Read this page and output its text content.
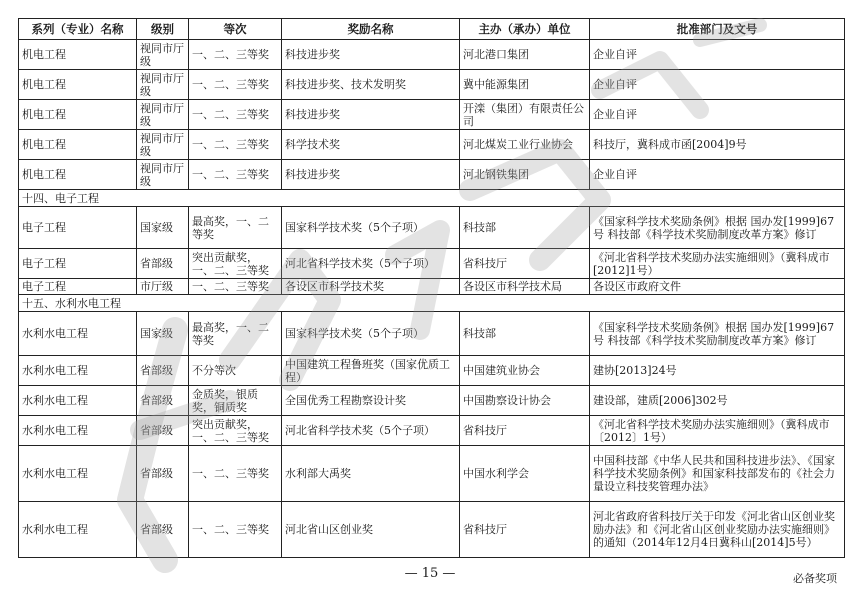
系列（专业）名称	级别	等次	奖励名称	主办（承办）单位	批准部门及文号
机电工程	视同市厅级	一、二、三等奖	科技进步奖	河北港口集团	企业自评
机电工程	视同市厅级	一、二、三等奖	科技进步奖、技术发明奖	冀中能源集团	企业自评
机电工程	视同市厅级	一、二、三等奖	科技进步奖	开滦（集团）有限责任公司	企业自评
机电工程	视同市厅级	一、二、三等奖	科学技术奖	河北煤炭工业行业协会	科技厅，冀科成市函[2004]9号
机电工程	视同市厅级	一、二、三等奖	科技进步奖	河北钢铁集团	企业自评
十四、电子工程					
电子工程	国家级	最高奖，一、二等奖	国家科学技术奖（5个子项）	科技部	《国家科学技术奖励条例》根据 国办发[1999]67号 科技部《科学技术奖励制度改革方案》修订
电子工程	省部级	突出贡献奖，一、二、三等奖	河北省科学技术奖（5个子项）	省科技厅	《河北省科学技术奖励办法实施细则》（冀科成市[2012]1号）
电子工程	市厅级	一、二、三等奖	各设区市科学技术奖	各设区市科学技术局	各设区市政府文件
十五、水利水电工程					
水利水电工程	国家级	最高奖，一、二等奖	国家科学技术奖（5个子项）	科技部	《国家科学技术奖励条例》根据 国办发[1999]67号 科技部《科学技术奖励制度改革方案》修订
水利水电工程	省部级	不分等次	中国建筑工程鲁班奖（国家优质工程）	中国建筑业协会	建协[2013]24号
水利水电工程	省部级	金质奖，银质奖，铜质奖	全国优秀工程勘察设计奖	中国勘察设计协会	建设部，建质[2006]302号
水利水电工程	省部级	突出贡献奖，一、二、三等奖	河北省科学技术奖（5个子项）	省科技厅	《河北省科学技术奖励办法实施细则》（冀科成市〔2012〕1号）
水利水电工程	省部级	一、二、三等奖	水利部大禹奖	中国水利学会	中国科技部《中华人民共和国科技进步法》、《国家科学技术奖励条例》和国家科技部发布的《社会力量设立科技奖管理办法》
水利水电工程	省部级	一、二、三等奖	河北省山区创业奖	省科技厅	河北省政府省科技厅关于印发《河北省山区创业奖励办法》和《河北省山区创业奖励办法实施细则》的通知（2014年12月4日冀科山[2014]5号）
— 15 —	必备奖项
